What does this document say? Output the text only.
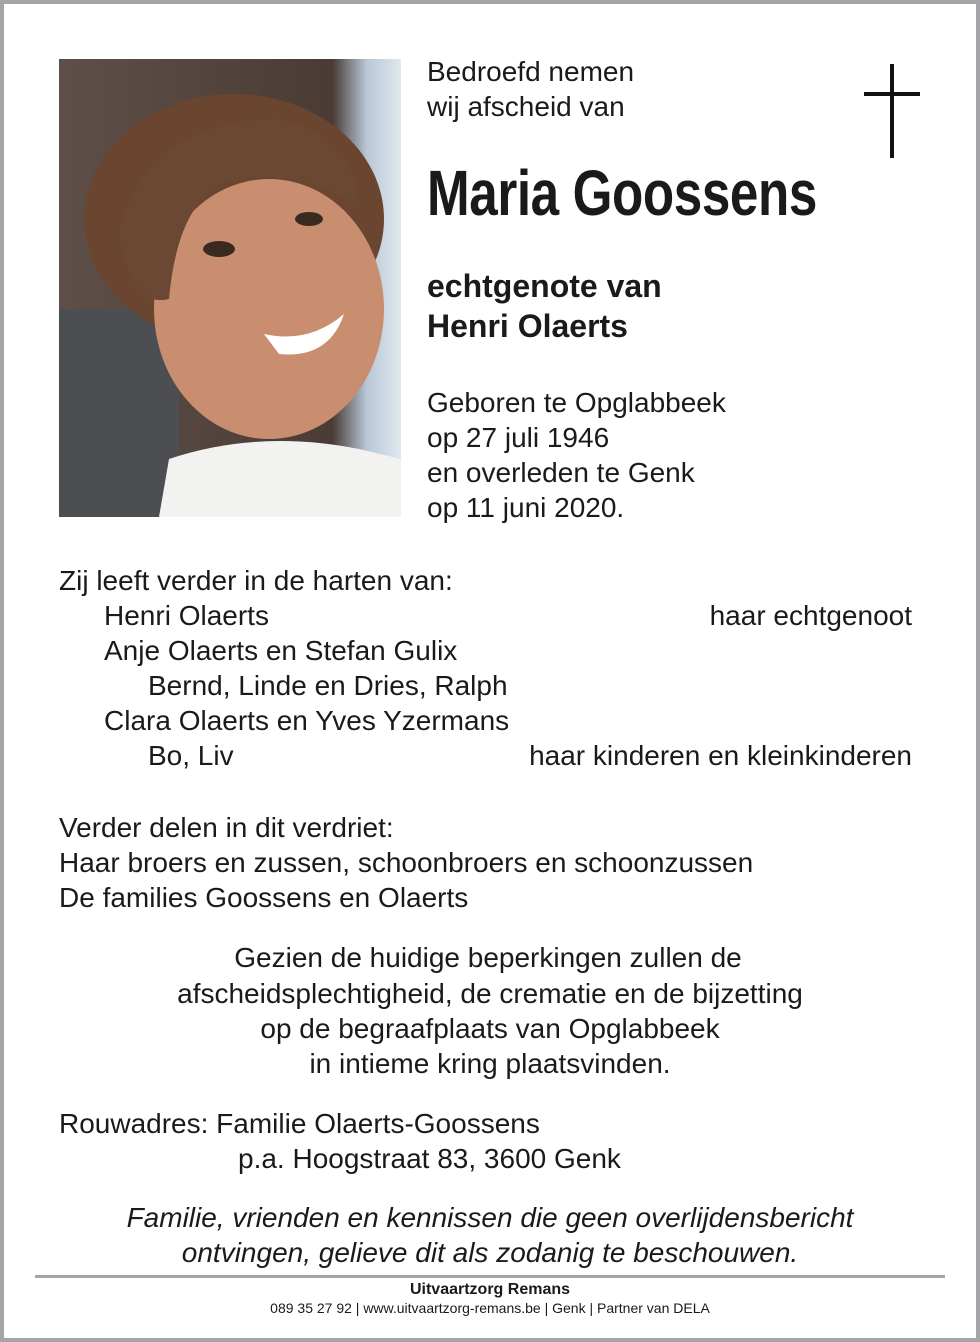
Bedroefd nemen
wij afscheid van
Maria Goossens
echtgenote van
Henri Olaerts
Geboren te Opglabbeek
op 27 juli 1946
en overleden te Genk
op 11 juni 2020.
Zij leeft verder in de harten van:
Henri Olaerts	haar echtgenoot
Anje Olaerts en Stefan Gulix
Bernd, Linde en Dries, Ralph
Clara Olaerts en Yves Yzermans
Bo, Liv	haar kinderen en kleinkinderen
Verder delen in dit verdriet:
Haar broers en zussen, schoonbroers en schoonzussen
De families Goossens en Olaerts
Gezien de huidige beperkingen zullen de
afscheidsplechtigheid, de crematie en de bijzetting
op de begraafplaats van Opglabbeek
in intieme kring plaatsvinden.
Rouwadres: Familie Olaerts-Goossens
p.a. Hoogstraat 83, 3600 Genk
Familie, vrienden en kennissen die geen overlijdensbericht
ontvingen, gelieve dit als zodanig te beschouwen.
Uitvaartzorg Remans
089 35 27 92 | www.uitvaartzorg-remans.be | Genk | Partner van DELA
